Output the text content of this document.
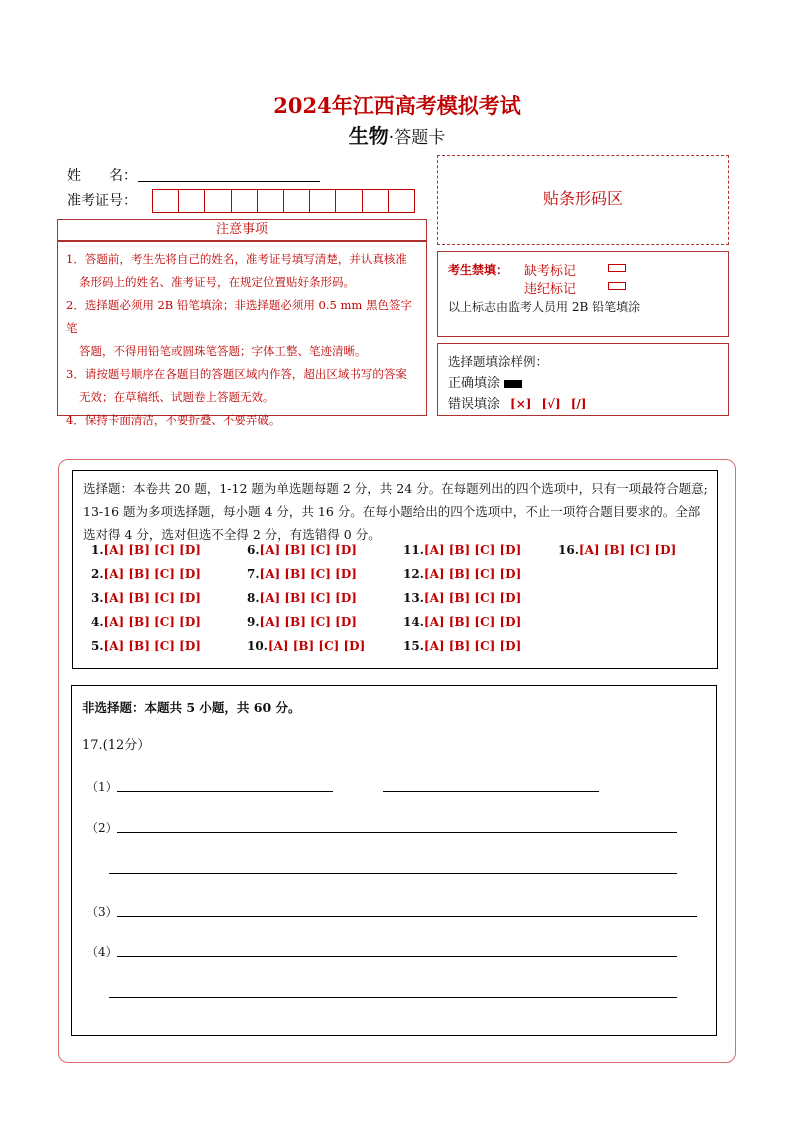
2024年江西高考模拟考试
生物·答题卡
姓　　名：
准考证号：
注意事项

1．答题前，考生先将自己的姓名，准考证号填写清楚，并认真核准

条形码上的姓名、准考证号，在规定位置贴好条形码。

2．选择题必须用 2B 铅笔填涂；非选择题必须用 0.5 mm 黑色签字笔

答题，不得用铅笔或圆珠笔答题；字体工整、笔迹清晰。

3．请按题号顺序在各题目的答题区域内作答，超出区域书写的答案

无效；在草稿纸、试题卷上答题无效。

4．保持卡面清洁，不要折叠、不要弄破。

贴条形码区
考生禁填： 缺考标记
违纪标记
以上标志由监考人员用 2B 铅笔填涂
选择题填涂样例：
正确填涂
错误填涂 [×] [√] [/]
选择题：本卷共 20 题，1-12 题为单选题每题 2 分，共 24 分。在每题列出的四个选项中，只有一项最符合题意; 13-16 题为多项选择题，每小题 4 分，共 16 分。在每小题给出的四个选项中，不止一项符合题目要求的。全部选对得 4 分，选对但选不全得 2 分，有选错得 0 分。
1.[A] [B] [C] [D]
2.[A] [B] [C] [D]
3.[A] [B] [C] [D]
4.[A] [B] [C] [D]
5.[A] [B] [C] [D]
6.[A] [B] [C] [D]
7.[A] [B] [C] [D]
8.[A] [B] [C] [D]
9.[A] [B] [C] [D]
10.[A] [B] [C] [D]
11.[A] [B] [C] [D]
12.[A] [B] [C] [D]
13.[A] [B] [C] [D]
14.[A] [B] [C] [D]
15.[A] [B] [C] [D]
16.[A] [B] [C] [D]
非选择题：本题共 5 小题，共 60 分。
17.(12分）
（1）
（2）
（3）
（4）
